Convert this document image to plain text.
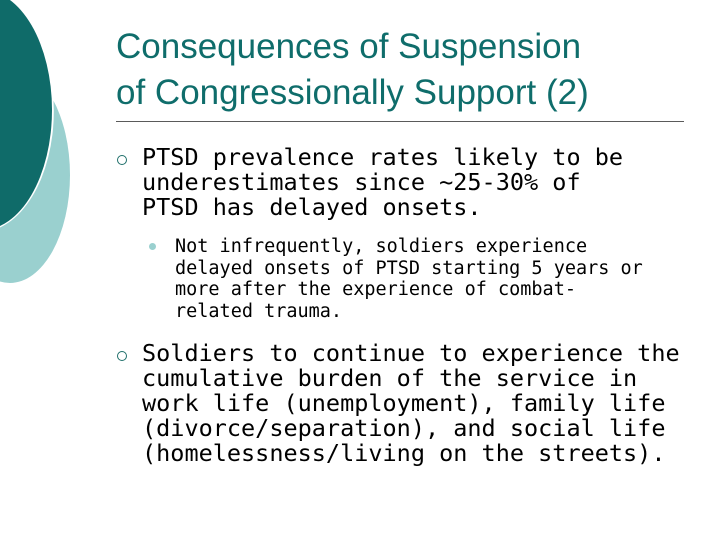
Consequences of Suspension
of Congressionally Support (2)
PTSD prevalence rates likely to be
underestimates since ~25-30% of
PTSD has delayed onsets.
Not infrequently, soldiers experience
delayed onsets of PTSD starting 5 years or
more after the experience of combat-
related trauma.
Soldiers to continue to experience the
cumulative burden of the service in
work life (unemployment), family life
(divorce/separation), and social life
(homelessness/living on the streets).
